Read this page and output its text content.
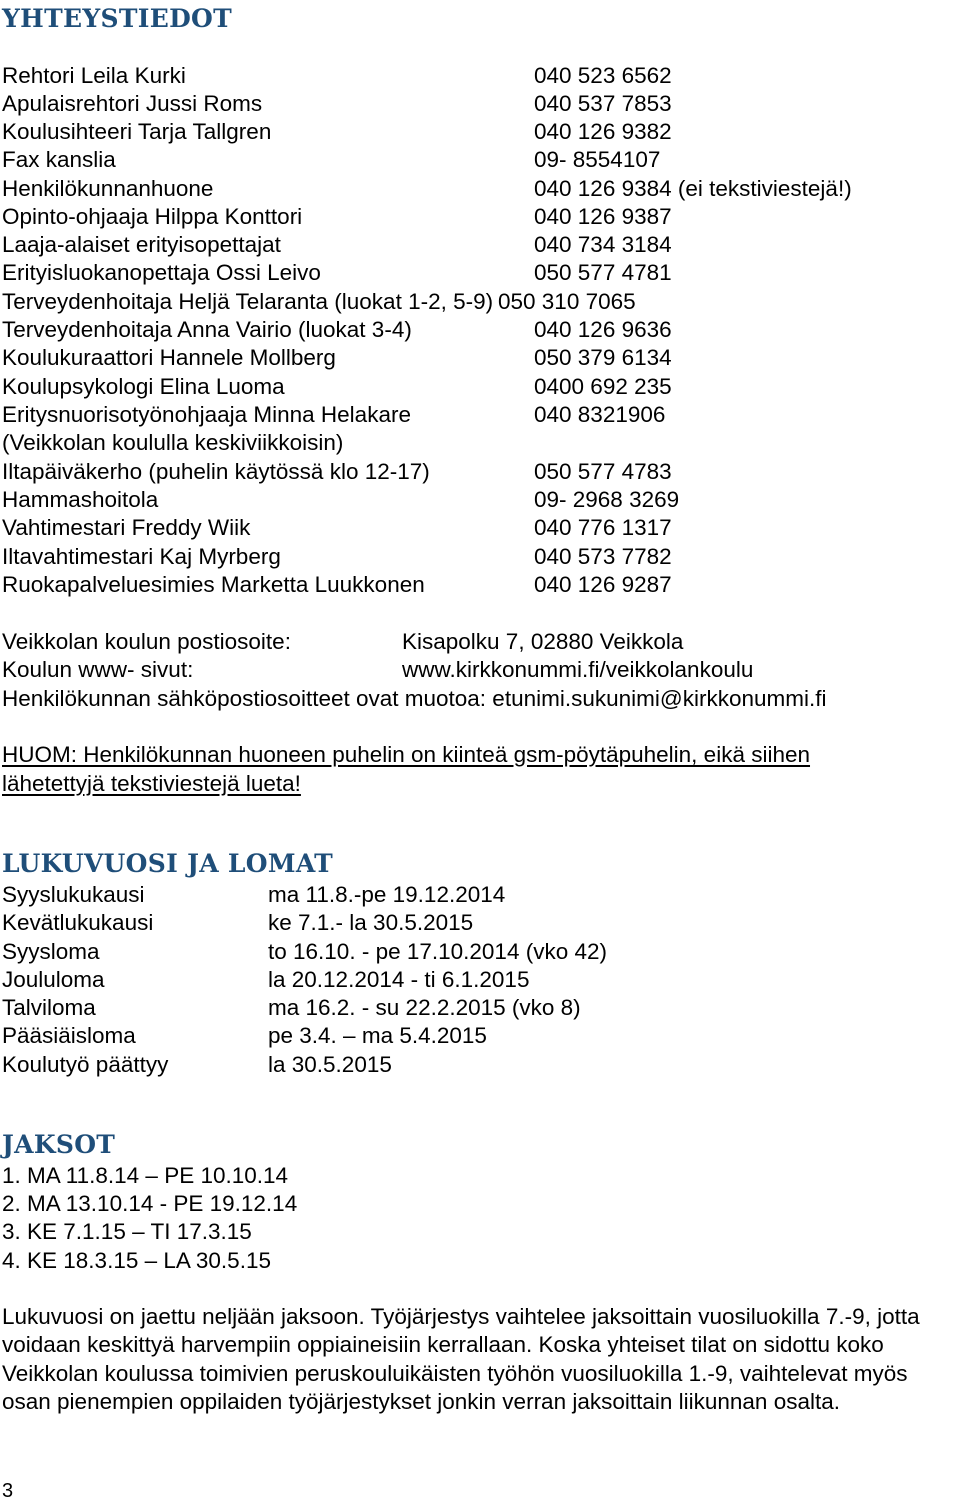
YHTEYSTIEDOT
Rehtori Leila Kurki	040 523 6562
Apulaisrehtori Jussi Roms	040 537 7853
Koulusihteeri Tarja Tallgren	040 126 9382
Fax kanslia	09- 8554107
Henkilökunnanhuone	040 126 9384 (ei tekstiviestejä!)
Opinto-ohjaaja Hilppa Konttori	040 126 9387
Laaja-alaiset erityisopettajat	040 734 3184
Erityisluokanopettaja Ossi Leivo	050 577 4781
Terveydenhoitaja Heljä Telaranta (luokat 1-2, 5-9) 050 310 7065
Terveydenhoitaja Anna Vairio (luokat 3-4)	040 126 9636
Koulukuraattori Hannele Mollberg	050 379 6134
Koulupsykologi Elina Luoma	0400 692 235
Eritysnuorisotyönohjaaja Minna Helakare	040 8321906
(Veikkolan koululla keskiviikkoisin)
Iltapäiväkerho (puhelin käytössä klo 12-17)	050 577 4783
Hammashoitola	09- 2968 3269
Vahtimestari Freddy Wiik	040 776 1317
Iltavahtimestari Kaj Myrberg	040 573 7782
Ruokapalveluesimies Marketta Luukkonen	040 126 9287
Veikkolan koulun postiosoite:	Kisapolku 7, 02880 Veikkola
Koulun www- sivut:	www.kirkkonummi.fi/veikkolankoulu
Henkilökunnan sähköpostiosoitteet ovat muotoa: etunimi.sukunimi@kirkkonummi.fi
HUOM: Henkilökunnan huoneen puhelin on kiinteä gsm-pöytäpuhelin, eikä siihen
lähetettyjä tekstiviestejä lueta!
LUKUVUOSI JA LOMAT
Syyslukukausi	ma 11.8.-pe 19.12.2014
Kevätlukukausi	ke 7.1.- la 30.5.2015
Syysloma	to 16.10. - pe 17.10.2014 (vko 42)
Joululoma	la 20.12.2014 - ti 6.1.2015
Talviloma	ma 16.2. - su 22.2.2015 (vko 8)
Pääsiäisloma	pe 3.4. – ma 5.4.2015
Koulutyö päättyy	la 30.5.2015
JAKSOT
1. MA 11.8.14 – PE 10.10.14
2. MA 13.10.14 - PE 19.12.14
3. KE 7.1.15 – TI 17.3.15
4. KE 18.3.15 – LA 30.5.15
Lukuvuosi on jaettu neljään jaksoon. Työjärjestys vaihtelee jaksoittain vuosiluokilla 7.-9, jotta voidaan keskittyä harvempiin oppiaineisiin kerrallaan. Koska yhteiset tilat on sidottu koko Veikkolan koulussa toimivien peruskouluikäisten työhön vuosiluokilla 1.-9, vaihtelevat myös osan pienempien oppilaiden työjärjestykset jonkin verran jaksoittain liikunnan osalta.
3
